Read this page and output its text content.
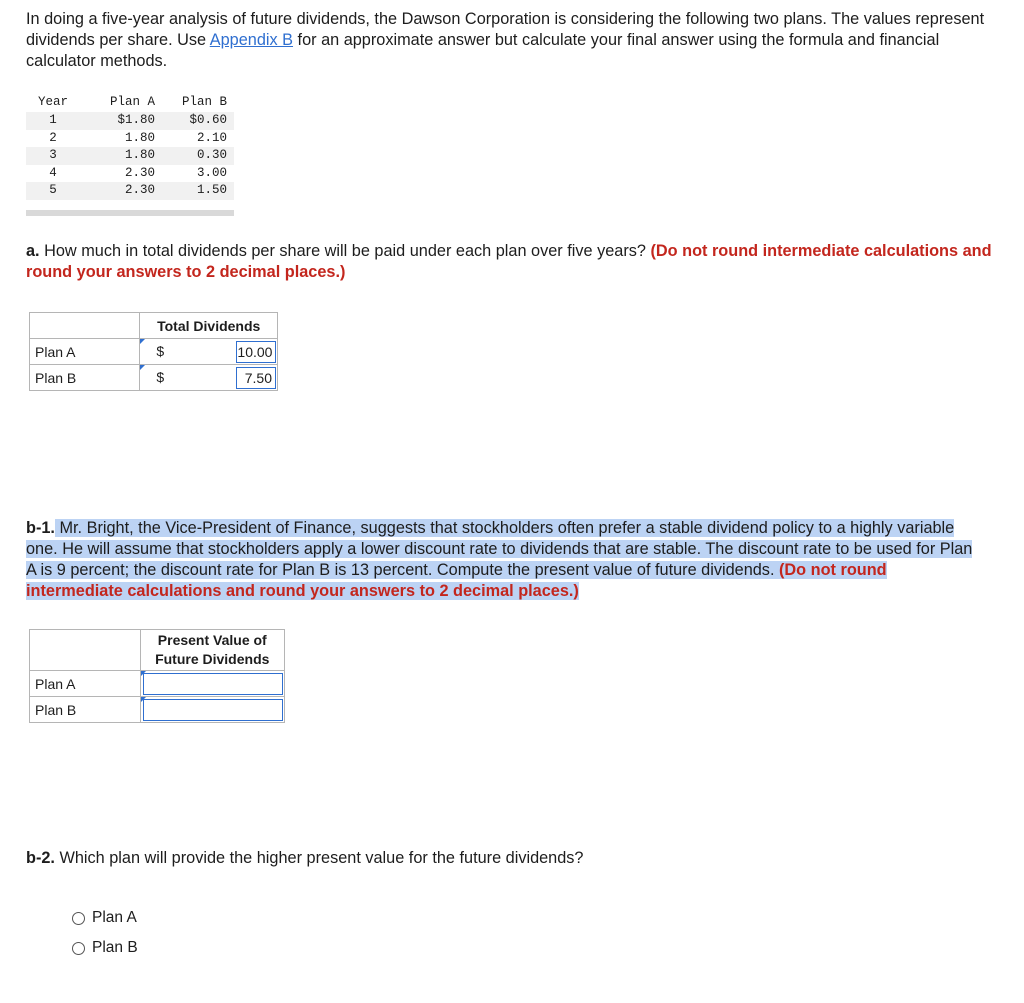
In doing a five-year analysis of future dividends, the Dawson Corporation is considering the following two plans. The values represent dividends per share. Use Appendix B for an approximate answer but calculate your final answer using the formula and financial calculator methods.

Year	Plan A	Plan B
1	$1.80	$0.60
2	1.80	2.10
3	1.80	0.30
4	2.30	3.00
5	2.30	1.50

a. How much in total dividends per share will be paid under each plan over five years? (Do not round intermediate calculations and round your answers to 2 decimal places.)

	Total Dividends
Plan A	$ 10.00

Plan B	$ 7.50

b-1. Mr. Bright, the Vice-President of Finance, suggests that stockholders often prefer a stable dividend policy to a highly variable one. He will assume that stockholders apply a lower discount rate to dividends that are stable. The discount rate to be used for Plan A is 9 percent; the discount rate for Plan B is 13 percent. Compute the present value of future dividends. (Do not round intermediate calculations and round your answers to 2 decimal places.)

	Present Value of
Future Dividends
Plan A	

Plan B	

b-2. Which plan will provide the higher present value for the future dividends?

Plan A
Plan B
